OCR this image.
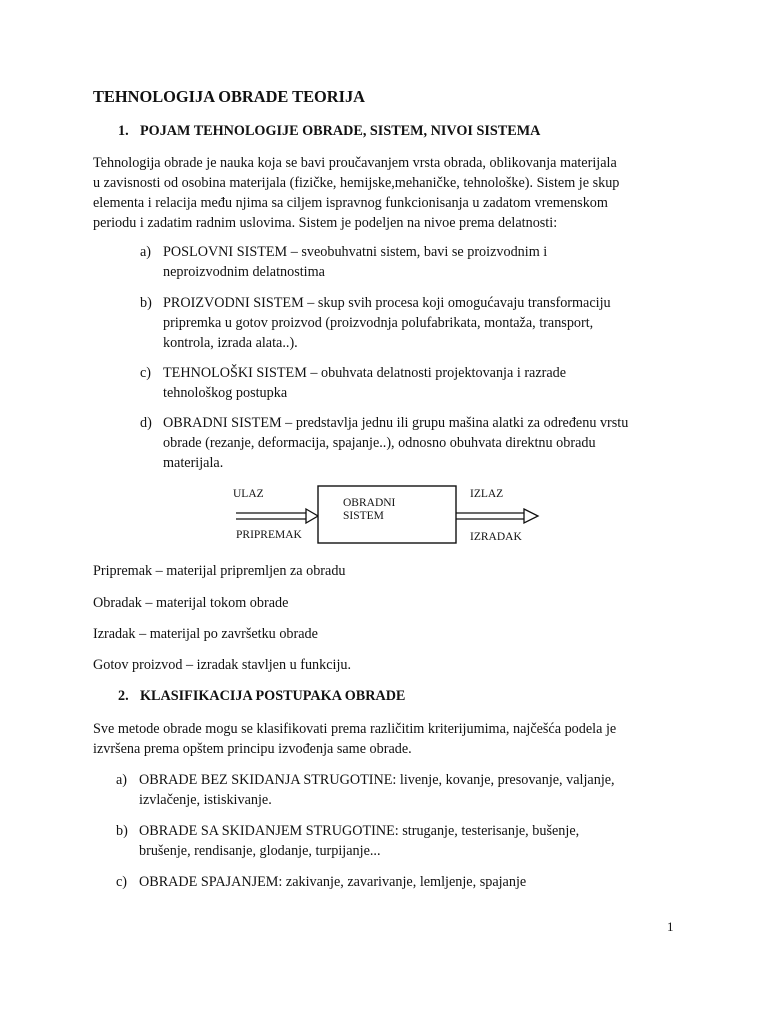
TEHNOLOGIJA OBRADE TEORIJA
1. POJAM TEHNOLOGIJE OBRADE, SISTEM, NIVOI SISTEMA
Tehnologija obrade je nauka koja se bavi proučavanjem vrsta obrada, oblikovanja materijala
u zavisnosti od osobina materijala (fizičke, hemijske,mehaničke, tehnološke). Sistem je skup
elementa i relacija među njima sa ciljem ispravnog funkcionisanja u zadatom vremenskom
periodu i zadatim radnim uslovima. Sistem je podeljen na nivoe prema delatnosti:
a) POSLOVNI SISTEM – sveobuhvatni sistem, bavi se proizvodnim i
neproizvodnim delatnostima
b) PROIZVODNI SISTEM – skup svih procesa koji omogućavaju transformaciju
pripremka u gotov proizvod (proizvodnja polufabrikata, montaža, transport,
kontrola, izrada alata..).
c) TEHNOLOŠKI SISTEM – obuhvata delatnosti projektovanja i razrade
tehnološkog postupka
d) OBRADNI SISTEM – predstavlja jednu ili grupu mašina alatki za određenu vrstu
obrade (rezanje, deformacija, spajanje..), odnosno obuhvata direktnu obradu
materijala.
ULAZ
PRIPREMAK
OBRADNI
SISTEM
IZLAZ
IZRADAK
Pripremak – materijal pripremljen za obradu
Obradak – materijal tokom obrade
Izradak – materijal po završetku obrade
Gotov proizvod – izradak stavljen u funkciju.
2. KLASIFIKACIJA POSTUPAKA OBRADE
Sve metode obrade mogu se klasifikovati prema različitim kriterijumima, najčešća podela je
izvršena prema opštem principu izvođenja same obrade.
a) OBRADE BEZ SKIDANJA STRUGOTINE: livenje, kovanje, presovanje, valjanje,
izvlačenje, istiskivanje.
b) OBRADE SA SKIDANJEM STRUGOTINE: struganje, testerisanje, bušenje,
brušenje, rendisanje, glodanje, turpijanje...
c) OBRADE SPAJANJEM: zakivanje, zavarivanje, lemljenje, spajanje
1
